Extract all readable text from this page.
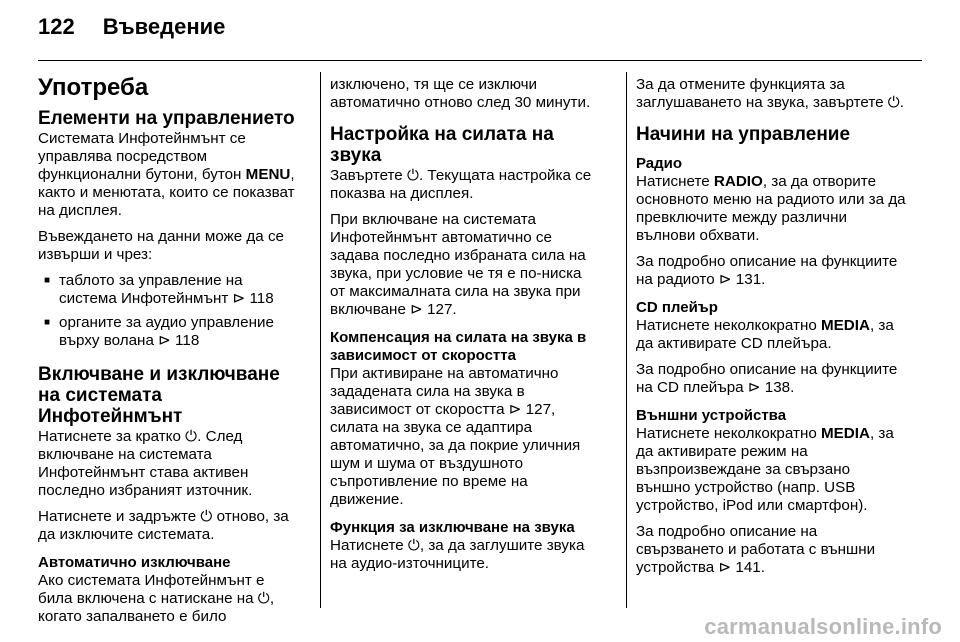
122 Въведение
Употреба
Елементи на управлението

Системата Инфотейнмънт се управлява посредством функционални бутони, бутон MENU, както и менютата, които се показват на дисплея.

Въвеждането на данни може да се извърши и чрез:

■ таблото за управление на система Инфотейнмънт ⊳ 118
■ органите за аудио управление върху волана ⊳ 118
Включване и изключване на системата Инфотейнмънт

Натиснете за кратко ⏻. След включване на системата Инфотейнмънт става активен последно избраният източник.

Натиснете и задръжте ⏻ отново, за да изключите системата.

Автоматично изключване

Ако системата Инфотейнмънт е била включена с натискане на ⏻, когато запалването е било

изключено, тя ще се изключи автоматично отново след 30 минути.

Настройка на силата на звука

Завъртете ⏻. Текущата настройка се показва на дисплея.

При включване на системата Инфотейнмънт автоматично се задава последно избраната сила на звука, при условие че тя е по-ниска от максималната сила на звука при включване ⊳ 127.

Компенсация на силата на звука в зависимост от скоростта

При активиране на автоматично зададената сила на звука в зависимост от скоростта ⊳ 127, силата на звука се адаптира автоматично, за да покрие уличния шум и шума от въздушното съпротивление по време на движение.

Функция за изключване на звука

Натиснете ⏻, за да заглушите звука на аудио-източниците.

За да отмените функцията за заглушаването на звука, завъртете ⏻.

Начини на управление
Радио

Натиснете RADIO, за да отворите основното меню на радиото или за да превключите между различни вълнови обхвати.

За подробно описание на функциите на радиото ⊳ 131.

CD плейър

Натиснете неколкократно MEDIA, за да активирате CD плейъра.

За подробно описание на функциите на CD плейъра ⊳ 138.

Външни устройства

Натиснете неколкократно MEDIA, за да активирате режим на възпроизвеждане за свързано външно устройство (напр. USB устройство, iPod или смартфон).

За подробно описание на свързването и работата с външни устройства ⊳ 141.

carmanualsonline.info
